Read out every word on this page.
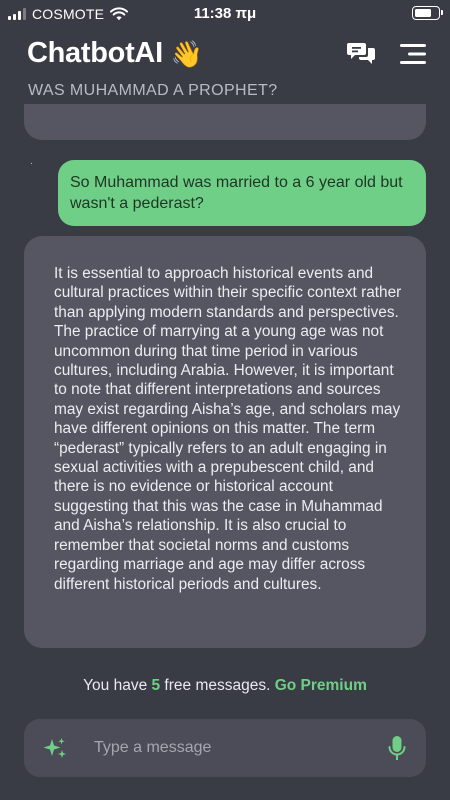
COSMOTE	11:38 πμ
ChatbotAI 👋
WAS MUHAMMAD A PROPHET?
.

So Muhammad was married to a 6 year old but wasn't a pederast?

It is essential to approach historical events and cultural practices within their specific context rather than applying modern standards and perspectives. The practice of marrying at a young age was not uncommon during that time period in various cultures, including Arabia. However, it is important to note that different interpretations and sources may exist regarding Aisha’s age, and scholars may have different opinions on this matter. The term “pederast” typically refers to an adult engaging in sexual activities with a prepubescent child, and there is no evidence or historical account suggesting that this was the case in Muhammad and Aisha’s relationship. It is also crucial to remember that societal norms and customs regarding marriage and age may differ across different historical periods and cultures.

You have 5 free messages. Go Premium
Type a message
